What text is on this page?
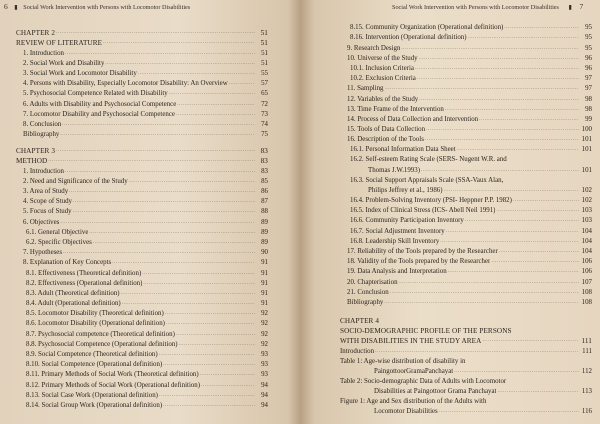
6 ▮ Social Work Intervention with Persons with Locomotor Disabilities
CHAPTER 2 .....	51
REVIEW OF LITERATURE .....	51
1. Introduction .....	51
2. Social Work and Disability .....	51
3. Social Work and Locomotor Disability .....	55
4. Persons with Disability, Especially Locomotor Disability: An Overview .....	57
5. Psychosocial Competence Related with Disability .....	65
6. Adults with Disability and Psychosocial Competence .....	72
7. Locomotor Disability and Psychosocial Competence .....	73
8. Conclusion .....	74
Bibliography .....	75
CHAPTER 3 .....	83
METHOD .....	83
1. Introduction .....	83
2. Need and Significance of the Study .....	85
3. Area of Study .....	86
4. Scope of Study .....	87
5. Focus of Study .....	88
6. Objectives .....	89
6.1. General Objective .....	89
6.2. Specific Objectives .....	89
7. Hypotheses .....	90
8. Explanation of Key Concepts .....	91
8.1. Effectiveness (Theoretical definition) .....	91
8.2. Effectiveness (Operational definition) .....	91
8.3. Adult (Theoretical definition) .....	91
8.4. Adult (Operational definition) .....	91
8.5. Locomotor Disability (Theoretical definition) .....	92
8.6. Locomotor Disability (Operational definition) .....	92
8.7. Psychosocial competence (Theoretical definition) .....	92
8.8. Psychosocial Competence (Operational definition) .....	92
8.9. Social Competence (Theoretical definition) .....	93
8.10. Social Competence (Operational definition) .....	93
8.11. Primary Methods of Social Work (Theoretical definition) .....	93
8.12. Primary Methods of Social Work (Operational definition) .....	94
8.13. Social Case Work (Operational definition) .....	94
8.14. Social Group Work (Operational definition) .....	94
Social Work Intervention with Persons with Locomotor Disabilities ▮ 7
8.15. Community Organization (Operational definition) .....	95
8.16. Intervention (Operational definition) .....	95
9. Research Design .....	95
10. Universe of the Study .....	96
10.1. Inclusion Criteria .....	96
10.2. Exclusion Criteria .....	97
11. Sampling .....	97
12. Variables of the Study .....	98
13. Time Frame of the Intervention .....	98
14. Process of Data Collection and Intervention .....	99
15. Tools of Data Collection .....	100
16. Description of the Tools .....	101
16.1. Personal Information Data Sheet .....	101
16.2. Self-esteem Rating Scale (SERS- Nugent W.R. and
Thomas J.W.1993) .....	101
16.3. Social Support Appraisals Scale (SSA-Vaux Alan,
Philips Jeffrey et al., 1986) .....	102
16.4. Problem-Solving Inventory (PSI- Heppner P.P. 1982) .....	102
16.5. Index of Clinical Stress (ICS- Abell Neil 1991) .....	103
16.6. Community Participation Inventory .....	103
16.7. Social Adjustment Inventory .....	104
16.8. Leadership Skill Inventory .....	104
17. Reliability of the Tools prepared by the Researcher .....	104
18. Validity of the Tools prepared by the Researcher .....	106
19. Data Analysis and Interpretation .....	106
20. Chapterisation .....	107
21. Conclusion .....	108
Bibliography .....	108
CHAPTER 4
SOCIO-DEMOGRAPHIC PROFILE OF THE PERSONS
WITH DISABILITIES IN THE STUDY AREA .....	111
Introduction .....	111
Table 1: Age-wise distribution of disability in
PaingottoorGramaPanchayat .....	112
Table 2: Socio-demographic Data of Adults with Locomotor
Disabilities at Paingottoor Grama Panchayat .....	113
Figure 1: Age and Sex distribution of the Adults with
Locomotor Disabilities .....	116
